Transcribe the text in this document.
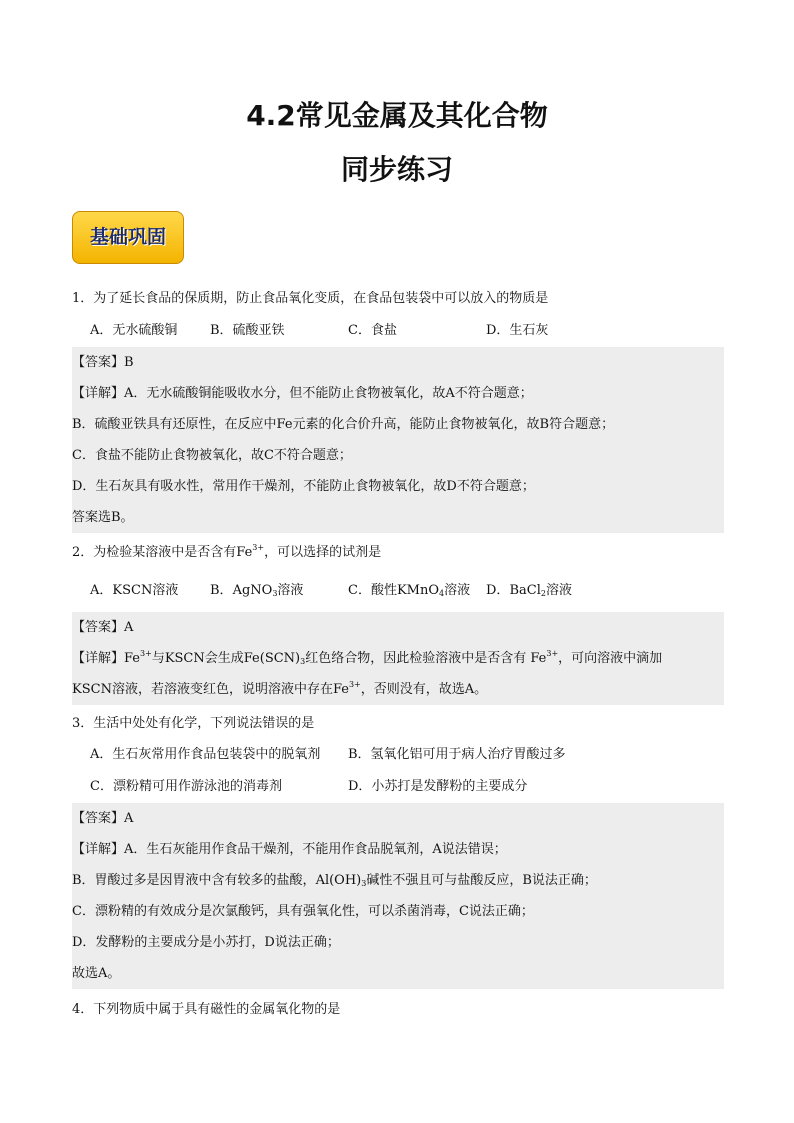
4.2常见金属及其化合物
同步练习
基础巩固
1．为了延长食品的保质期，防止食品氧化变质，在食品包装袋中可以放入的物质是
A．无水硫酸铜	B．硫酸亚铁	C．食盐	D．生石灰
【答案】B
【详解】A．无水硫酸铜能吸收水分，但不能防止食物被氧化，故A不符合题意；
B．硫酸亚铁具有还原性，在反应中Fe元素的化合价升高，能防止食物被氧化，故B符合题意；
C．食盐不能防止食物被氧化，故C不符合题意；
D．生石灰具有吸水性，常用作干燥剂，不能防止食物被氧化，故D不符合题意；
答案选B。
2．为检验某溶液中是否含有$Fe^{3+}$，可以选择的试剂是
A．KSCN溶液 B．AgNO$_3$溶液	C．酸性KMnO$_4$溶液 D．BaCl$_2$溶液
【答案】A
【详解】$Fe^{3+}$与KSCN会生成$Fe(SCN)_3$红色络合物，因此检验溶液中是否含有 $Fe^{3+}$，可向溶液中滴加
KSCN溶液，若溶液变红色，说明溶液中存在$Fe^{3+}$，否则没有，故选A。
3．生活中处处有化学，下列说法错误的是
A．生石灰常用作食品包装袋中的脱氧剂 B．氢氧化铝可用于病人治疗胃酸过多
C．漂粉精可用作游泳池的消毒剂	D．小苏打是发酵粉的主要成分
【答案】A
【详解】A．生石灰能用作食品干燥剂，不能用作食品脱氧剂，A说法错误；
B．胃酸过多是因胃液中含有较多的盐酸，$Al(OH)_3$碱性不强且可与盐酸反应，B说法正确；
C．漂粉精的有效成分是次氯酸钙，具有强氧化性，可以杀菌消毒，C说法正确；
D．发酵粉的主要成分是小苏打，D说法正确；
故选A。
4．下列物质中属于具有磁性的金属氧化物的是
